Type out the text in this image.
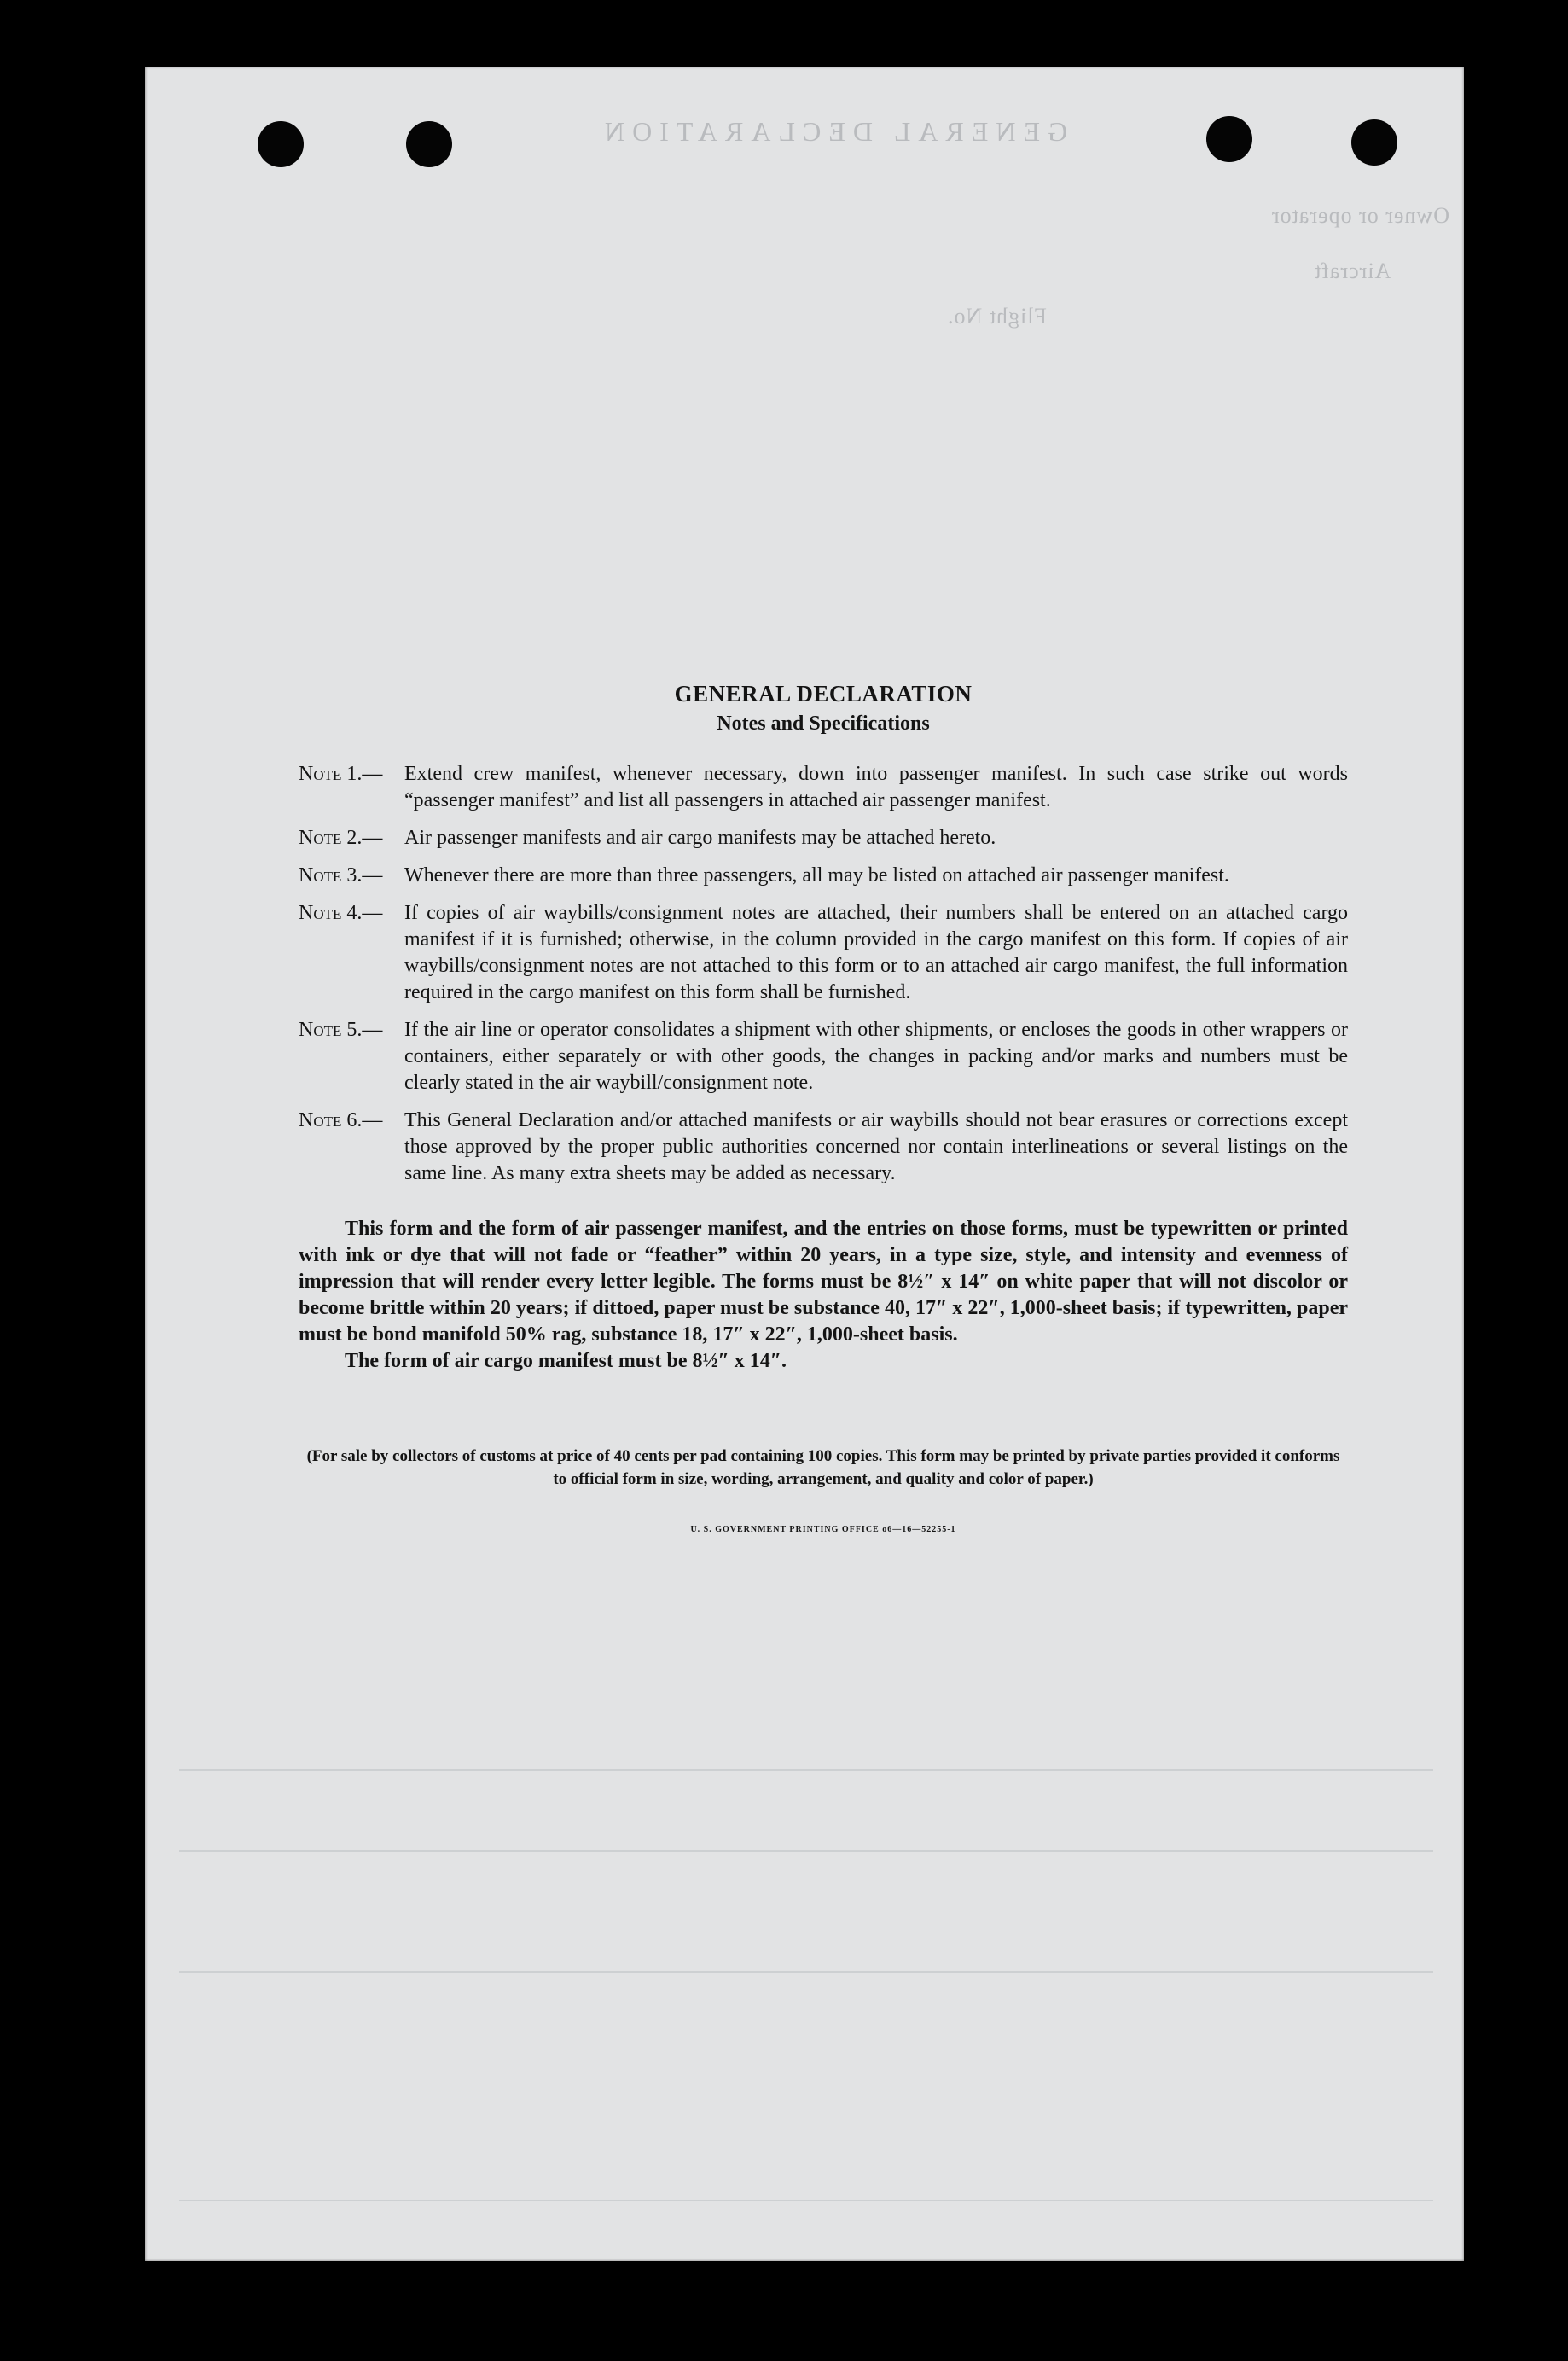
GENERAL DECLARATION
Owner or operator
Aircraft
Flight No.
GENERAL DECLARATION
Notes and Specifications
Note 1.—	Extend crew manifest, whenever necessary, down into passenger manifest. In such case strike out words “passenger manifest” and list all passengers in attached air passenger manifest.
Note 2.—	Air passenger manifests and air cargo manifests may be attached hereto.
Note 3.—	Whenever there are more than three passengers, all may be listed on attached air passenger manifest.
Note 4.—	If copies of air waybills/consignment notes are attached, their numbers shall be entered on an attached cargo manifest if it is furnished; otherwise, in the column provided in the cargo manifest on this form. If copies of air waybills/consignment notes are not attached to this form or to an attached air cargo manifest, the full information required in the cargo manifest on this form shall be furnished.
Note 5.—	If the air line or operator consolidates a shipment with other shipments, or encloses the goods in other wrappers or containers, either separately or with other goods, the changes in packing and/or marks and numbers must be clearly stated in the air waybill/consignment note.
Note 6.—	This General Declaration and/or attached manifests or air waybills should not bear erasures or corrections except those approved by the proper public authorities concerned nor contain interlineations or several listings on the same line. As many extra sheets may be added as necessary.
This form and the form of air passenger manifest, and the entries on those forms, must be typewritten or printed with ink or dye that will not fade or “feather” within 20 years, in a type size, style, and intensity and evenness of impression that will render every letter legible. The forms must be 8½″ x 14″ on white paper that will not discolor or become brittle within 20 years; if dittoed, paper must be substance 40, 17″ x 22″, 1,000-sheet basis; if typewritten, paper must be bond manifold 50% rag, substance 18, 17″ x 22″, 1,000-sheet basis.
The form of air cargo manifest must be 8½″ x 14″.
(For sale by collectors of customs at price of 40 cents per pad containing 100 copies. This form may be printed by private parties provided it conforms to official form in size, wording, arrangement, and quality and color of paper.)
U. S. GOVERNMENT PRINTING OFFICE o6—16—52255-1
